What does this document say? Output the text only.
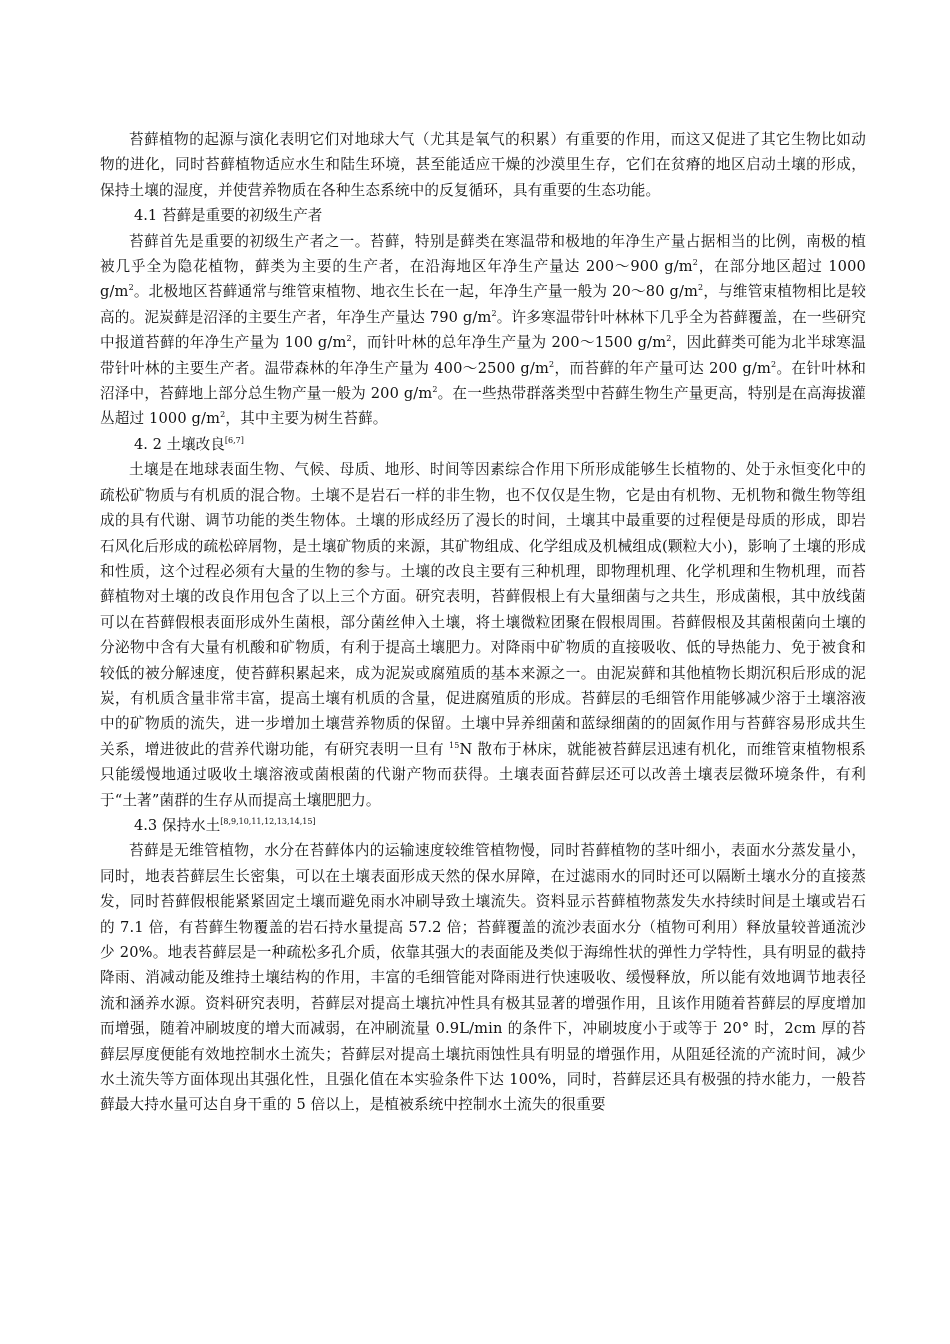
苔藓植物的起源与演化表明它们对地球大气（尤其是氧气的积累）有重要的作用，而这又促进了其它生物比如动物的进化，同时苔藓植物适应水生和陆生环境，甚至能适应干燥的沙漠里生存，它们在贫瘠的地区启动土壤的形成，保持土壤的湿度，并使营养物质在各种生态系统中的反复循环，具有重要的生态功能。

4.1 苔藓是重要的初级生产者

苔藓首先是重要的初级生产者之一。苔藓，特别是藓类在寒温带和极地的年净生产量占据相当的比例，南极的植被几乎全为隐花植物，藓类为主要的生产者，在沿海地区年净生产量达 200～900 $g/m^2$，在部分地区超过 1000 $g/m^2$。北极地区苔藓通常与维管束植物、地衣生长在一起，年净生产量一般为 20～80 $g/m^2$，与维管束植物相比是较高的。泥炭藓是沼泽的主要生产者，年净生产量达 790 $g/m^2$。许多寒温带针叶林林下几乎全为苔藓覆盖，在一些研究中报道苔藓的年净生产量为 100 $g/m^2$，而针叶林的总年净生产量为 200～1500 $g/m^2$，因此藓类可能为北半球寒温带针叶林的主要生产者。温带森林的年净生产量为 400～2500 $g/m^2$，而苔藓的年产量可达 200 $g/m^2$。在针叶林和沼泽中，苔藓地上部分总生物产量一般为 200 $g/m^2$。在一些热带群落类型中苔藓生物生产量更高，特别是在高海拔灌丛超过 1000 $g/m^2$，其中主要为树生苔藓。

4. 2 土壤改良[6,7]

土壤是在地球表面生物、气候、母质、地形、时间等因素综合作用下所形成能够生长植物的、处于永恒变化中的疏松矿物质与有机质的混合物。土壤不是岩石一样的非生物，也不仅仅是生物，它是由有机物、无机物和微生物等组成的具有代谢、调节功能的类生物体。土壤的形成经历了漫长的时间，土壤其中最重要的过程便是母质的形成，即岩石风化后形成的疏松碎屑物，是土壤矿物质的来源，其矿物组成、化学组成及机械组成(颗粒大小)，影响了土壤的形成和性质，这个过程必须有大量的生物的参与。土壤的改良主要有三种机理，即物理机理、化学机理和生物机理，而苔藓植物对土壤的改良作用包含了以上三个方面。研究表明，苔藓假根上有大量细菌与之共生，形成菌根，其中放线菌可以在苔藓假根表面形成外生菌根，部分菌丝伸入土壤，将土壤微粒团聚在假根周围。苔藓假根及其菌根菌向土壤的分泌物中含有大量有机酸和矿物质，有利于提高土壤肥力。对降雨中矿物质的直接吸收、低的导热能力、免于被食和较低的被分解速度，使苔藓积累起来，成为泥炭或腐殖质的基本来源之一。由泥炭藓和其他植物长期沉积后形成的泥炭，有机质含量非常丰富，提高土壤有机质的含量，促进腐殖质的形成。苔藓层的毛细管作用能够减少溶于土壤溶液中的矿物质的流失，进一步增加土壤营养物质的保留。土壤中异养细菌和蓝绿细菌的的固氮作用与苔藓容易形成共生关系，增进彼此的营养代谢功能，有研究表明一旦有 $^{15}$N 散布于林床，就能被苔藓层迅速有机化，而维管束植物根系只能缓慢地通过吸收土壤溶液或菌根菌的代谢产物而获得。土壤表面苔藓层还可以改善土壤表层微环境条件，有利于“土著”菌群的生存从而提高土壤肥肥力。

4.3 保持水土[8,9,10,11,12,13,14,15]

苔藓是无维管植物，水分在苔藓体内的运输速度较维管植物慢，同时苔藓植物的茎叶细小，表面水分蒸发量小，同时，地表苔藓层生长密集，可以在土壤表面形成天然的保水屏障，在过滤雨水的同时还可以隔断土壤水分的直接蒸发，同时苔藓假根能紧紧固定土壤而避免雨水冲刷导致土壤流失。资料显示苔藓植物蒸发失水持续时间是土壤或岩石的 7.1 倍，有苔藓生物覆盖的岩石持水量提高 57.2 倍；苔藓覆盖的流沙表面水分（植物可利用）释放量较普通流沙少 20%。地表苔藓层是一种疏松多孔介质，依靠其强大的表面能及类似于海绵性状的弹性力学特性，具有明显的截持降雨、消减动能及维持土壤结构的作用，丰富的毛细管能对降雨进行快速吸收、缓慢释放，所以能有效地调节地表径流和涵养水源。资料研究表明，苔藓层对提高土壤抗冲性具有极其显著的增强作用，且该作用随着苔藓层的厚度增加而增强，随着冲刷坡度的增大而减弱，在冲刷流量 0.9L/min 的条件下，冲刷坡度小于或等于 20° 时，2cm 厚的苔藓层厚度便能有效地控制水土流失；苔藓层对提高土壤抗雨蚀性具有明显的增强作用，从阻延径流的产流时间，减少水土流失等方面体现出其强化性，且强化值在本实验条件下达 100%，同时，苔藓层还具有极强的持水能力，一般苔藓最大持水量可达自身干重的 5 倍以上，是植被系统中控制水土流失的很重要
